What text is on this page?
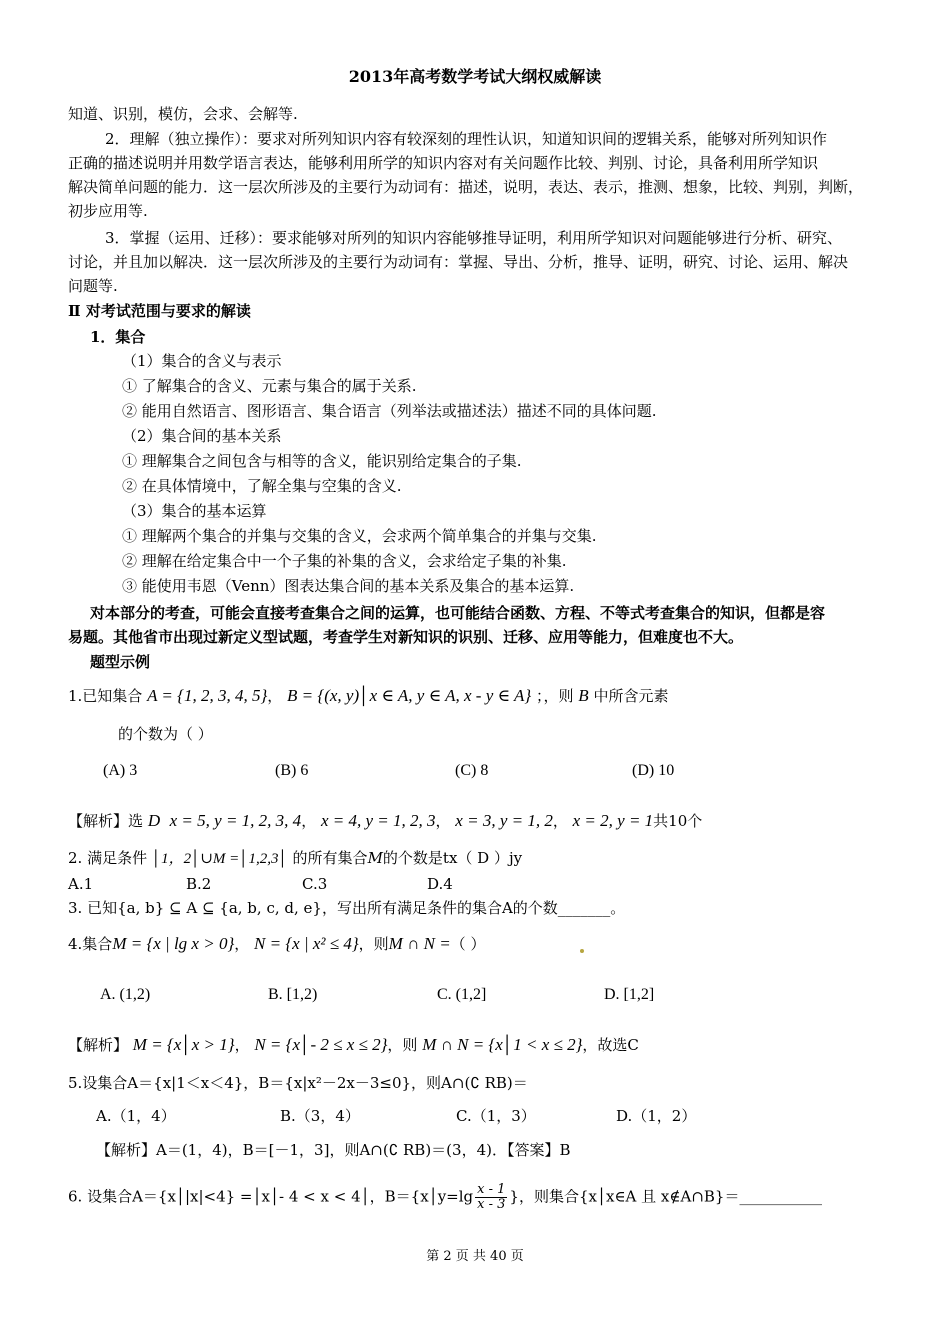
2013年高考数学考试大纲权威解读
知道、识别，模仿，会求、会解等.
2．理解（独立操作）：要求对所列知识内容有较深刻的理性认识，知道知识间的逻辑关系，能够对所列知识作
正确的描述说明并用数学语言表达，能够利用所学的知识内容对有关问题作比较、判别、讨论，具备利用所学知识
解决简单问题的能力．这一层次所涉及的主要行为动词有：描述，说明，表达、表示，推测、想象，比较、判别，判断，
初步应用等.
3．掌握（运用、迁移）：要求能够对所列的知识内容能够推导证明，利用所学知识对问题能够进行分析、研究、
讨论，并且加以解决．这一层次所涉及的主要行为动词有：掌握、导出、分析，推导、证明，研究、讨论、运用、解决
问题等.
Ⅱ 对考试范围与要求的解读
1．集合
（1）集合的含义与表示
① 了解集合的含义、元素与集合的属于关系.
② 能用自然语言、图形语言、集合语言（列举法或描述法）描述不同的具体问题.
（2）集合间的基本关系
① 理解集合之间包含与相等的含义，能识别给定集合的子集.
② 在具体情境中，了解全集与空集的含义.
（3）集合的基本运算
① 理解两个集合的并集与交集的含义，会求两个简单集合的并集与交集.
② 理解在给定集合中一个子集的补集的含义，会求给定子集的补集.
③ 能使用韦恩（Venn）图表达集合间的基本关系及集合的基本运算.
对本部分的考查，可能会直接考查集合之间的运算，也可能结合函数、方程、不等式考查集合的知识，但都是容
易题。其他省市出现过新定义型试题，考查学生对新知识的识别、迁移、应用等能力，但难度也不大。
题型示例
1.已知集合 A = {1, 2, 3, 4, 5}， B = {(x, y)│x ∈ A, y ∈ A, x - y ∈ A} ；，则 B 中所含元素
的个数为（ ）
(A) 3	(B) 6	(C) 8	(D) 10
【解析】选 D x = 5, y = 1, 2, 3, 4， x = 4, y = 1, 2, 3， x = 3, y = 1, 2， x = 2, y = 1共10个
2. 满足条件 │1，2│∪M =│1,2,3│ 的所有集合M的个数是tx（ D ）jy
A.1	B.2	C.3	D.4
3. 已知{a, b} ⊆ A ⊆ {a, b, c, d, e}，写出所有满足条件的集合A的个数_______。
4.集合M = {x | lg x > 0}， N = {x | x² ≤ 4}，则M ∩ N =（ ）
A. (1,2)	B. [1,2)	C. (1,2]	D. [1,2]
【解析】 M = {x│x > 1}， N = {x│- 2 ≤ x ≤ 2}，则 M ∩ N = {x│1 < x ≤ 2}，故选C
5.设集合A＝{x|1＜x＜4}，B＝{x|x²－2x－3≤0}，则A∩(∁ RB)＝
A.（1，4）	B.（3，4）	C.（1，3）	D.（1，2）
【解析】A＝(1，4)，B＝[－1，3]，则A∩(∁ RB)＝(3，4)．【答案】B
6. 设集合A＝{x│|x|<4} =│x│- 4 < x < 4│，B＝{x│y=lg $\frac{x - 1}{x - 3}$ }，则集合{x│x∈A 且 x∉A∩B}＝___________
第 2 页 共 40 页
